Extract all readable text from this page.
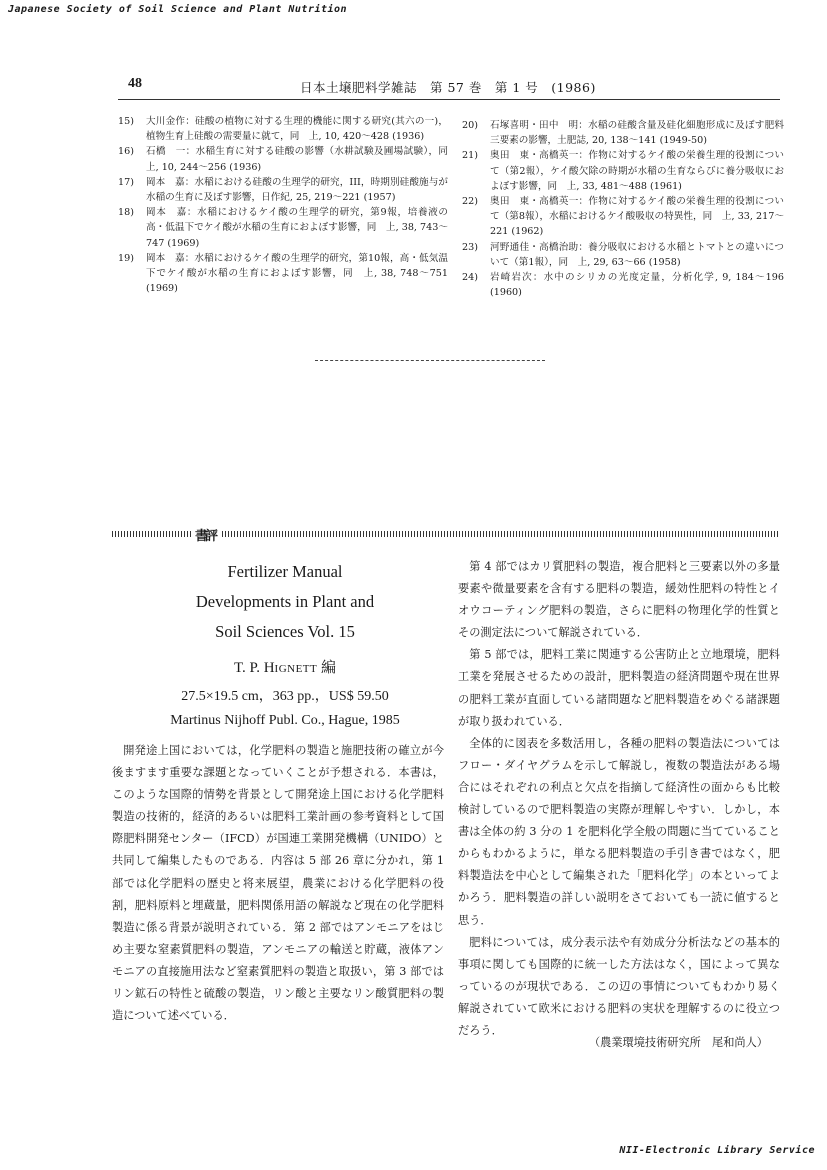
Japanese Society of Soil Science and Plant Nutrition
48	日本土壌肥料学雑誌　第 57 巻　第 1 号　(1986)
15)	大川金作：硅酸の植物に対する生理的機能に関する研究(其六の一)，植物生育上硅酸の需要量に就て，同　上, 10, 420〜428 (1936)
16)	石橋　一：水稲生育に対する硅酸の影響（水耕試験及圃場試験），同　上, 10, 244〜256 (1936)
17)	岡本　嘉：水稲における硅酸の生理学的研究，III，時期別硅酸施与が水稲の生育に及ぼす影響，日作紀, 25, 219〜221 (1957)
18)	岡本　嘉：水稲におけるケイ酸の生理学的研究，第9報，培養液の高・低温下でケイ酸が水稲の生育におよぼす影響，同　上, 38, 743〜747 (1969)
19)	岡本　嘉：水稲におけるケイ酸の生理学的研究，第10報，高・低気温下でケイ酸が水稲の生育におよぼす影響，同　上, 38, 748〜751 (1969)
20)	石塚喜明・田中　明：水稲の硅酸含量及硅化細胞形成に及ぼす肥料三要素の影響，土肥誌, 20, 138〜141 (1949-50)
21)	奥田　東・高橋英一：作物に対するケイ酸の栄養生理的役割について（第2報），ケイ酸欠除の時期が水稲の生育ならびに養分吸収におよぼす影響，同　上, 33, 481〜488 (1961)
22)	奥田　東・高橋英一：作物に対するケイ酸の栄養生理的役割について（第8報），水稲におけるケイ酸吸収の特異性，同　上, 33, 217〜221 (1962)
23)	河野通佳・高橋治助：養分吸収における水稲とトマトとの違いについて（第1報），同　上, 29, 63〜66 (1958)
24)	岩崎岩次：水中のシリカの光度定量，分析化学, 9, 184〜196 (1960)
書
評
Fertilizer Manual
Developments in Plant and
Soil Sciences Vol. 15
T. P. HIGNETT 編
27.5×19.5 cm，363 pp.，US$ 59.50
Martinus Nijhoff Publ. Co., Hague, 1985

開発途上国においては，化学肥料の製造と施肥技術の確立が今後ますます重要な課題となっていくことが予想される．本書は，このような国際的情勢を背景として開発途上国における化学肥料製造の技術的，経済的あるいは肥料工業計画の参考資料として国際肥料開発センター（IFCD）が国連工業開発機構（UNIDO）と共同して編集したものである．内容は 5 部 26 章に分かれ，第 1 部では化学肥料の歴史と将来展望，農業における化学肥料の役割，肥料原料と埋蔵量，肥料関係用語の解説など現在の化学肥料製造に係る背景が説明されている．第 2 部ではアンモニアをはじめ主要な窒素質肥料の製造，アンモニアの輸送と貯蔵，液体アンモニアの直接施用法など窒素質肥料の製造と取扱い，第 3 部ではリン鉱石の特性と硫酸の製造，リン酸と主要なリン酸質肥料の製造について述べている．

第 4 部ではカリ質肥料の製造，複合肥料と三要素以外の多量要素や微量要素を含有する肥料の製造，緩効性肥料の特性とイオウコーティング肥料の製造，さらに肥料の物理化学的性質とその測定法について解説されている．

第 5 部では，肥料工業に関連する公害防止と立地環境，肥料工業を発展させるための設計，肥料製造の経済問題や現在世界の肥料工業が直面している諸問題など肥料製造をめぐる諸課題が取り扱われている．

全体的に図表を多数活用し，各種の肥料の製造法についてはフロー・ダイヤグラムを示して解説し，複数の製造法がある場合にはそれぞれの利点と欠点を指摘して経済性の面からも比較検討しているので肥料製造の実際が理解しやすい．しかし，本書は全体の約 3 分の 1 を肥料化学全般の問題に当てていることからもわかるように，単なる肥料製造の手引き書ではなく，肥料製造法を中心として編集された「肥料化学」の本といってよかろう．肥料製造の詳しい説明をさておいても一読に値すると思う．

肥料については，成分表示法や有効成分分析法などの基本的事項に関しても国際的に統一した方法はなく，国によって異なっているのが現状である．この辺の事情についてもわかり易く解説されていて欧米における肥料の実状を理解するのに役立つだろう．

（農業環境技術研究所　尾和尚人）
NII-Electronic Library Service
